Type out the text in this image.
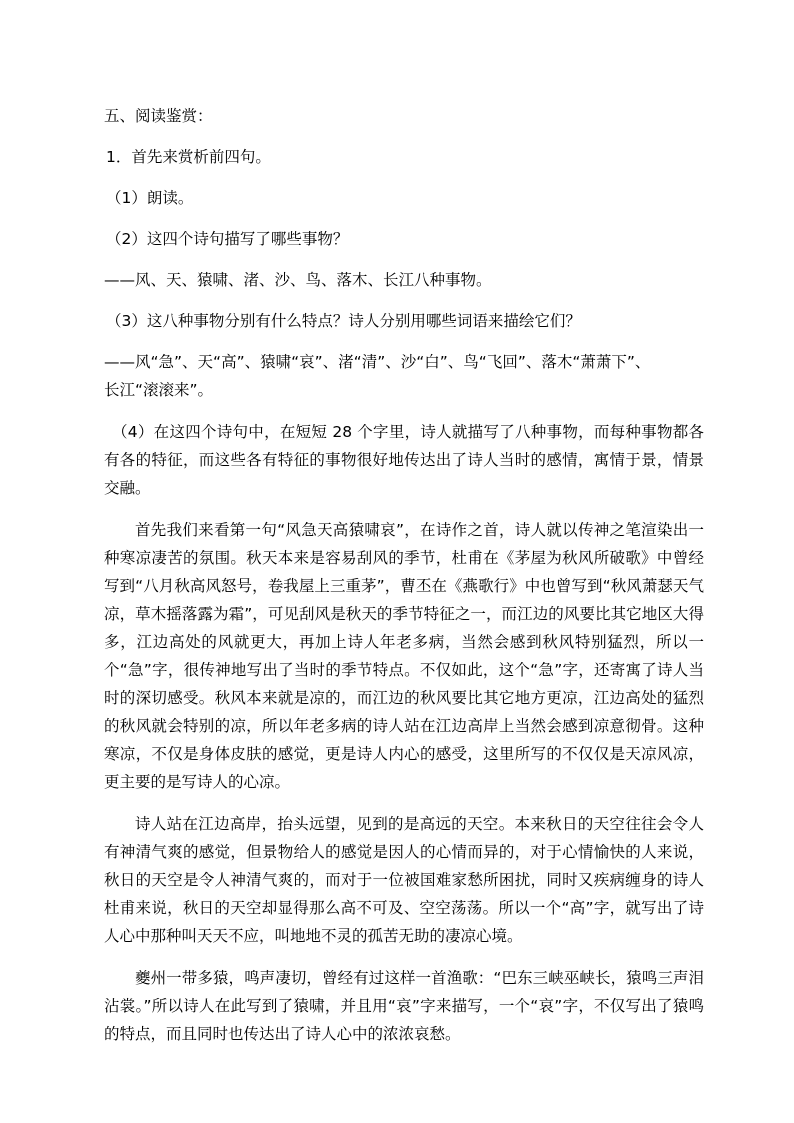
五、阅读鉴赏：

1．首先来赏析前四句。

（1）朗读。

（2）这四个诗句描写了哪些事物？

——风、天、猿啸、渚、沙、鸟、落木、长江八种事物。

（3）这八种事物分别有什么特点？诗人分别用哪些词语来描绘它们？

——风“急”、天“高”、猿啸“哀”、渚“清”、沙“白”、鸟“飞回”、落木“萧萧下”、

长江“滚滚来”。

（4）在这四个诗句中，在短短 28 个字里，诗人就描写了八种事物，而每种事物都各有各的特征，而这些各有特征的事物很好地传达出了诗人当时的感情，寓情于景，情景交融。

首先我们来看第一句“风急天高猿啸哀”，在诗作之首，诗人就以传神之笔渲染出一种寒凉凄苦的氛围。秋天本来是容易刮风的季节，杜甫在《茅屋为秋风所破歌》中曾经写到“八月秋高风怒号，卷我屋上三重茅”，曹丕在《燕歌行》中也曾写到“秋风萧瑟天气凉，草木摇落露为霜”，可见刮风是秋天的季节特征之一，而江边的风要比其它地区大得多，江边高处的风就更大，再加上诗人年老多病，当然会感到秋风特别猛烈，所以一个“急”字，很传神地写出了当时的季节特点。不仅如此，这个“急”字，还寄寓了诗人当时的深切感受。秋风本来就是凉的，而江边的秋风要比其它地方更凉，江边高处的猛烈的秋风就会特别的凉，所以年老多病的诗人站在江边高岸上当然会感到凉意彻骨。这种寒凉，不仅是身体皮肤的感觉，更是诗人内心的感受，这里所写的不仅仅是天凉风凉，更主要的是写诗人的心凉。

诗人站在江边高岸，抬头远望，见到的是高远的天空。本来秋日的天空往往会令人有神清气爽的感觉，但景物给人的感觉是因人的心情而异的，对于心情愉快的人来说，秋日的天空是令人神清气爽的，而对于一位被国难家愁所困扰，同时又疾病缠身的诗人杜甫来说，秋日的天空却显得那么高不可及、空空荡荡。所以一个“高”字，就写出了诗人心中那种叫天天不应，叫地地不灵的孤苦无助的凄凉心境。

夔州一带多猿，鸣声凄切，曾经有过这样一首渔歌：“巴东三峡巫峡长，猿鸣三声泪沾裳。”所以诗人在此写到了猿啸，并且用“哀”字来描写，一个“哀”字，不仅写出了猿鸣的特点，而且同时也传达出了诗人心中的浓浓哀愁。
